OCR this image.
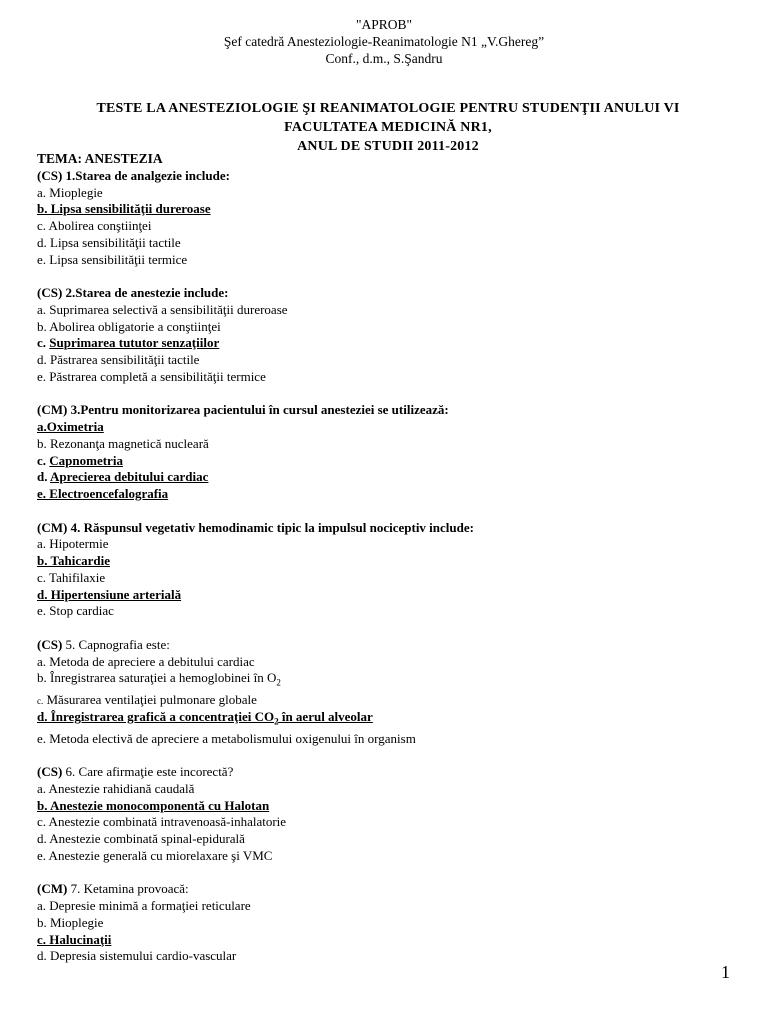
"APROB"
Şef catedră Anesteziologie-Reanimatologie N1 „V.Ghereg”
Conf., d.m., S.Şandru
TESTE LA ANESTEZIOLOGIE ŞI REANIMATOLOGIE PENTRU STUDENŢII ANULUI VI
FACULTATEA MEDICINĂ NR1,
ANUL DE STUDII 2011-2012
TEMA: ANESTEZIA
(CS) 1.Starea de analgezie include:
a. Mioplegie
b. Lipsa sensibilităţii dureroase
c. Abolirea conştiinţei
d. Lipsa sensibilităţii tactile
e. Lipsa sensibilităţii termice
(CS) 2.Starea de anestezie include:
a. Suprimarea selectivă a sensibilităţii dureroase
b. Abolirea obligatorie a conştiinţei
c. Suprimarea tututor senzaţiilor
d. Păstrarea sensibilităţii tactile
e. Păstrarea completă a sensibilităţii termice
(CM) 3.Pentru monitorizarea pacientului în cursul anesteziei se utilizează:
a.Oximetria
b. Rezonanţa magnetică nucleară
c. Capnometria
d. Aprecierea debitului cardiac
e. Electroencefalografia
(CM) 4. Răspunsul vegetativ hemodinamic tipic la impulsul nociceptiv include:
a. Hipotermie
b. Tahicardie
c. Tahifilaxie
d. Hipertensiune arterială
e. Stop cardiac
(CS) 5. Capnografia este:
a. Metoda de apreciere a debitului cardiac
b. Înregistrarea saturaţiei a hemoglobinei în $O_2$
c. Măsurarea ventilaţiei pulmonare globale
d. Înregistrarea grafică a concentraţiei $CO_2$ în aerul alveolar
e. Metoda electivă de apreciere a metabolismului oxigenului în organism
(CS) 6. Care afirmaţie este incorectă?
a. Anestezie rahidiană caudală
b. Anestezie monocomponentă cu Halotan
c. Anestezie combinată intravenoasă-inhalatorie
d. Anestezie combinată spinal-epidurală
e. Anestezie generală cu miorelaxare şi VMC
(CM) 7. Ketamina provoacă:
a. Depresie minimă a formaţiei reticulare
b. Mioplegie
c. Halucinaţii
d. Depresia sistemului cardio-vascular
1
